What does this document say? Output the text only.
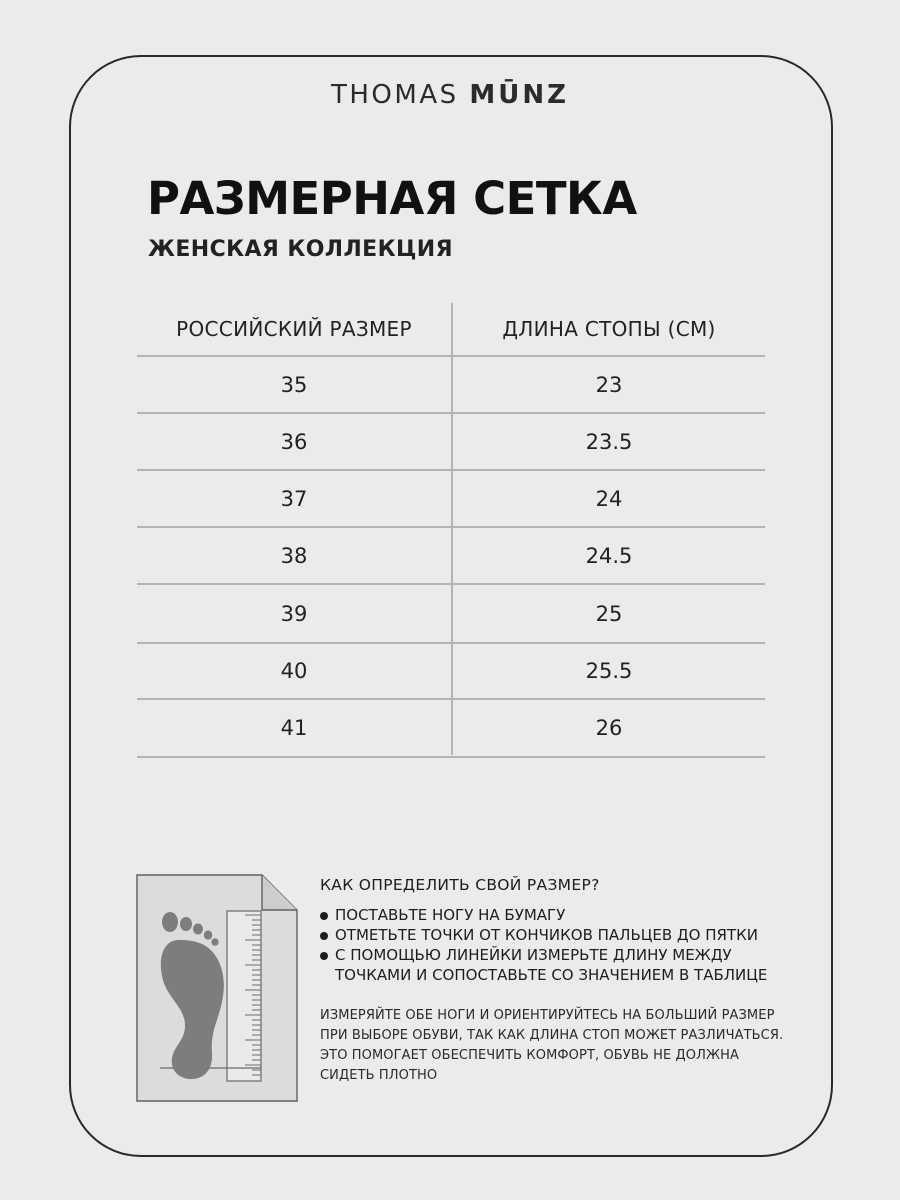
THOMAS MŪNZ
РАЗМЕРНАЯ СЕТКА
ЖЕНСКАЯ КОЛЛЕКЦИЯ
РОССИЙСКИЙ РАЗМЕР	ДЛИНА СТОПЫ (СМ)
35	23
36	23.5
37	24
38	24.5
39	25
40	25.5
41	26
КАК ОПРЕДЕЛИТЬ СВОЙ РАЗМЕР?
ПОСТАВЬТЕ НОГУ НА БУМАГУ
ОТМЕТЬТЕ ТОЧКИ ОТ КОНЧИКОВ ПАЛЬЦЕВ ДО ПЯТКИ
С ПОМОЩЬЮ ЛИНЕЙКИ ИЗМЕРЬТЕ ДЛИНУ МЕЖДУ
ТОЧКАМИ И СОПОСТАВЬТЕ СО ЗНАЧЕНИЕМ В ТАБЛИЦЕ

ИЗМЕРЯЙТЕ ОБЕ НОГИ И ОРИЕНТИРУЙТЕСЬ НА БОЛЬШИЙ РАЗМЕР
ПРИ ВЫБОРЕ ОБУВИ, ТАК КАК ДЛИНА СТОП МОЖЕТ РАЗЛИЧАТЬСЯ.
ЭТО ПОМОГАЕТ ОБЕСПЕЧИТЬ КОМФОРТ, ОБУВЬ НЕ ДОЛЖНА
СИДЕТЬ ПЛОТНО
